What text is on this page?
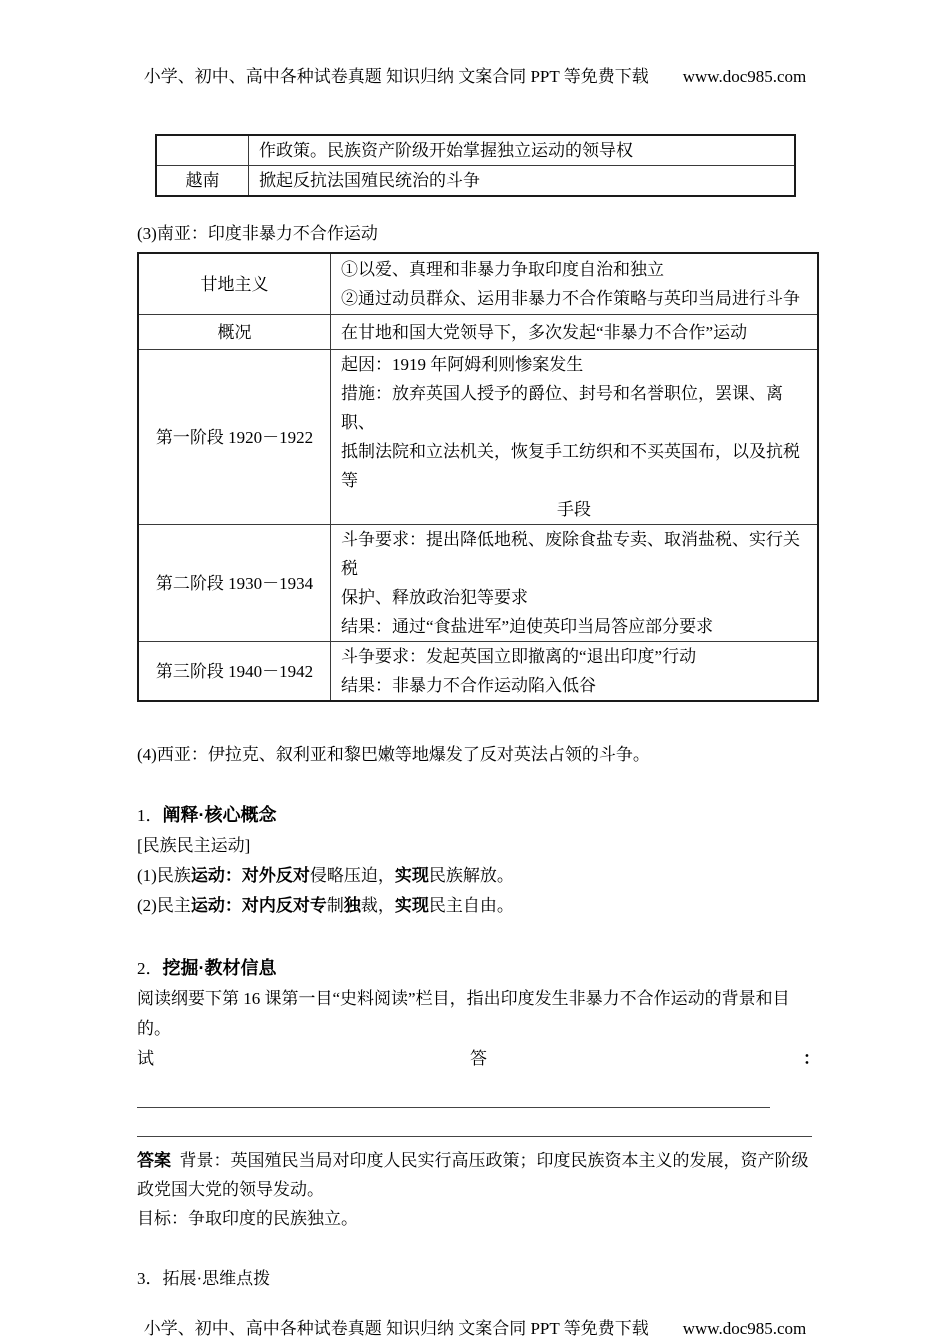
小学、初中、高中各种试卷真题 知识归纳 文案合同 PPT 等免费下载 www.doc985.com
	作政策。民族资产阶级开始掌握独立运动的领导权
越南	掀起反抗法国殖民统治的斗争
(3)南亚：印度非暴力不合作运动
甘地主义	①以爱、真理和非暴力争取印度自治和独立
②通过动员群众、运用非暴力不合作策略与英印当局进行斗争

概况	在甘地和国大党领导下，多次发起“非暴力不合作”运动
第一阶段 1920－1922	起因：1919 年阿姆利则惨案发生
措施：放弃英国人授予的爵位、封号和名誉职位，罢课、离职、
抵制法院和立法机关，恢复手工纺织和不买英国布，以及抗税等
手段

第二阶段 1930－1934	斗争要求：提出降低地税、废除食盐专卖、取消盐税、实行关税
保护、释放政治犯等要求
结果：通过“食盐进军”迫使英印当局答应部分要求

第三阶段 1940－1942	斗争要求：发起英国立即撤离的“退出印度”行动
结果：非暴力不合作运动陷入低谷
(4)西亚：伊拉克、叙利亚和黎巴嫩等地爆发了反对英法占领的斗争。
1．阐释·核心概念
[民族民主运动]
(1)民族运动：对外反对侵略压迫，实现民族解放。
(2)民主运动：对内反对专制独裁，实现民主自由。
2．挖掘·教材信息
阅读纲要下第 16 课第一目“史料阅读”栏目，指出印度发生非暴力不合作运动的背景和目
的。
试	答	：
答案 背景：英国殖民当局对印度人民实行高压政策；印度民族资本主义的发展，资产阶级
政党国大党的领导发动。
目标：争取印度的民族独立。
3．拓展·思维点拨
小学、初中、高中各种试卷真题 知识归纳 文案合同 PPT 等免费下载 www.doc985.com
